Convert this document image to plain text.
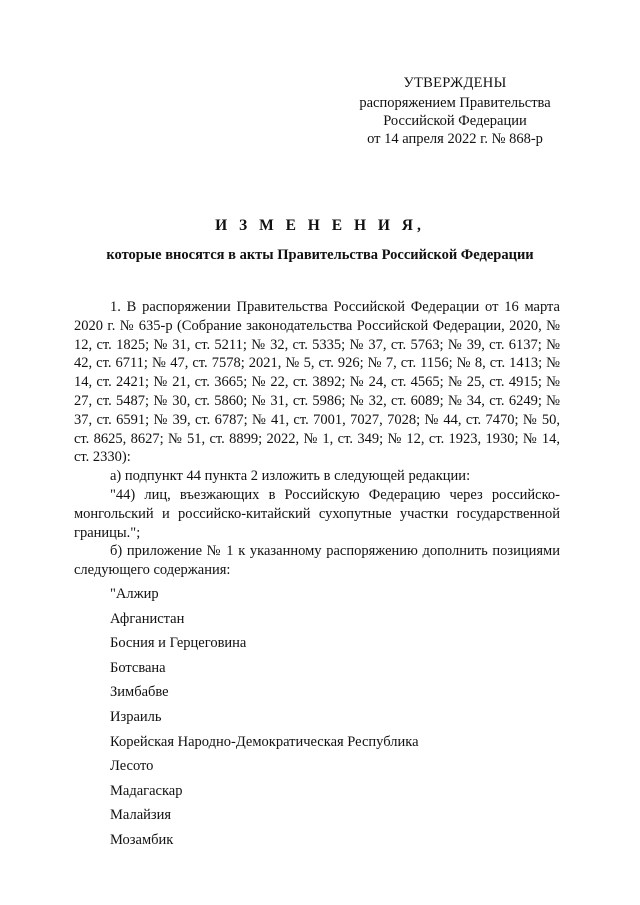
УТВЕРЖДЕНЫ
распоряжением Правительства
Российской Федерации
от 14 апреля 2022 г. № 868-р
И З М Е Н Е Н И Я,
которые вносятся в акты Правительства Российской Федерации

1. В распоряжении Правительства Российской Федерации от 16 марта 2020 г. № 635-р (Собрание законодательства Российской Федерации, 2020, № 12, ст. 1825; № 31, ст. 5211; № 32, ст. 5335; № 37, ст. 5763; № 39, ст. 6137; № 42, ст. 6711; № 47, ст. 7578; 2021, № 5, ст. 926; № 7, ст. 1156; № 8, ст. 1413; № 14, ст. 2421; № 21, ст. 3665; № 22, ст. 3892; № 24, ст. 4565; № 25, ст. 4915; № 27, ст. 5487; № 30, ст. 5860; № 31, ст. 5986; № 32, ст. 6089; № 34, ст. 6249; № 37, ст. 6591; № 39, ст. 6787; № 41, ст. 7001, 7027, 7028; № 44, ст. 7470; № 50, ст. 8625, 8627; № 51, ст. 8899; 2022, № 1, ст. 349; № 12, ст. 1923, 1930; № 14, ст. 2330):

а) подпункт 44 пункта 2 изложить в следующей редакции:

"44) лиц, въезжающих в Российскую Федерацию через российско-монгольский и российско-китайский сухопутные участки государственной границы.";

б) приложение № 1 к указанному распоряжению дополнить позициями следующего содержания:

"Алжир
Афганистан
Босния и Герцеговина
Ботсвана
Зимбабве
Израиль
Корейская Народно-Демократическая Республика
Лесото
Мадагаскар
Малайзия
Мозамбик
